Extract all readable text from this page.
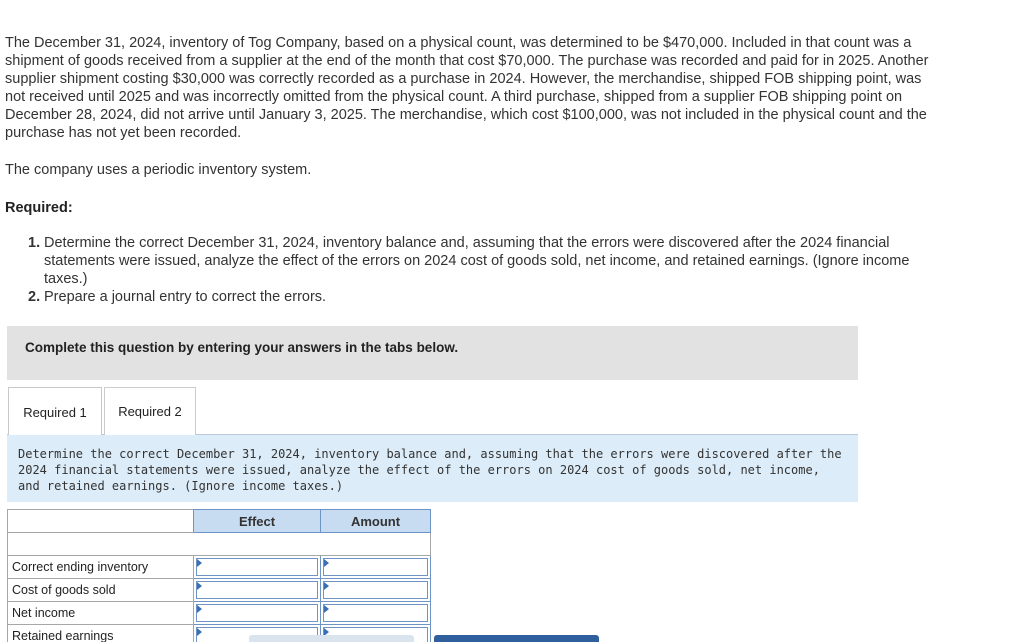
The December 31, 2024, inventory of Tog Company, based on a physical count, was determined to be $470,000. Included in that count was a shipment of goods received from a supplier at the end of the month that cost $70,000. The purchase was recorded and paid for in 2025. Another supplier shipment costing $30,000 was correctly recorded as a purchase in 2024. However, the merchandise, shipped FOB shipping point, was not received until 2025 and was incorrectly omitted from the physical count. A third purchase, shipped from a supplier FOB shipping point on December 28, 2024, did not arrive until January 3, 2025. The merchandise, which cost $100,000, was not included in the physical count and the purchase has not yet been recorded.
The company uses a periodic inventory system.
Required:
1. Determine the correct December 31, 2024, inventory balance and, assuming that the errors were discovered after the 2024 financial statements were issued, analyze the effect of the errors on 2024 cost of goods sold, net income, and retained earnings. (Ignore income taxes.)
2. Prepare a journal entry to correct the errors.
Complete this question by entering your answers in the tabs below.
Required 1	Required 2
Determine the correct December 31, 2024, inventory balance and, assuming that the errors were discovered after the 2024 financial statements were issued, analyze the effect of the errors on 2024 cost of goods sold, net income, and retained earnings. (Ignore income taxes.)
	Effect	Amount

Correct ending inventory	

Cost of goods sold	

Net income	

Retained earnings	
